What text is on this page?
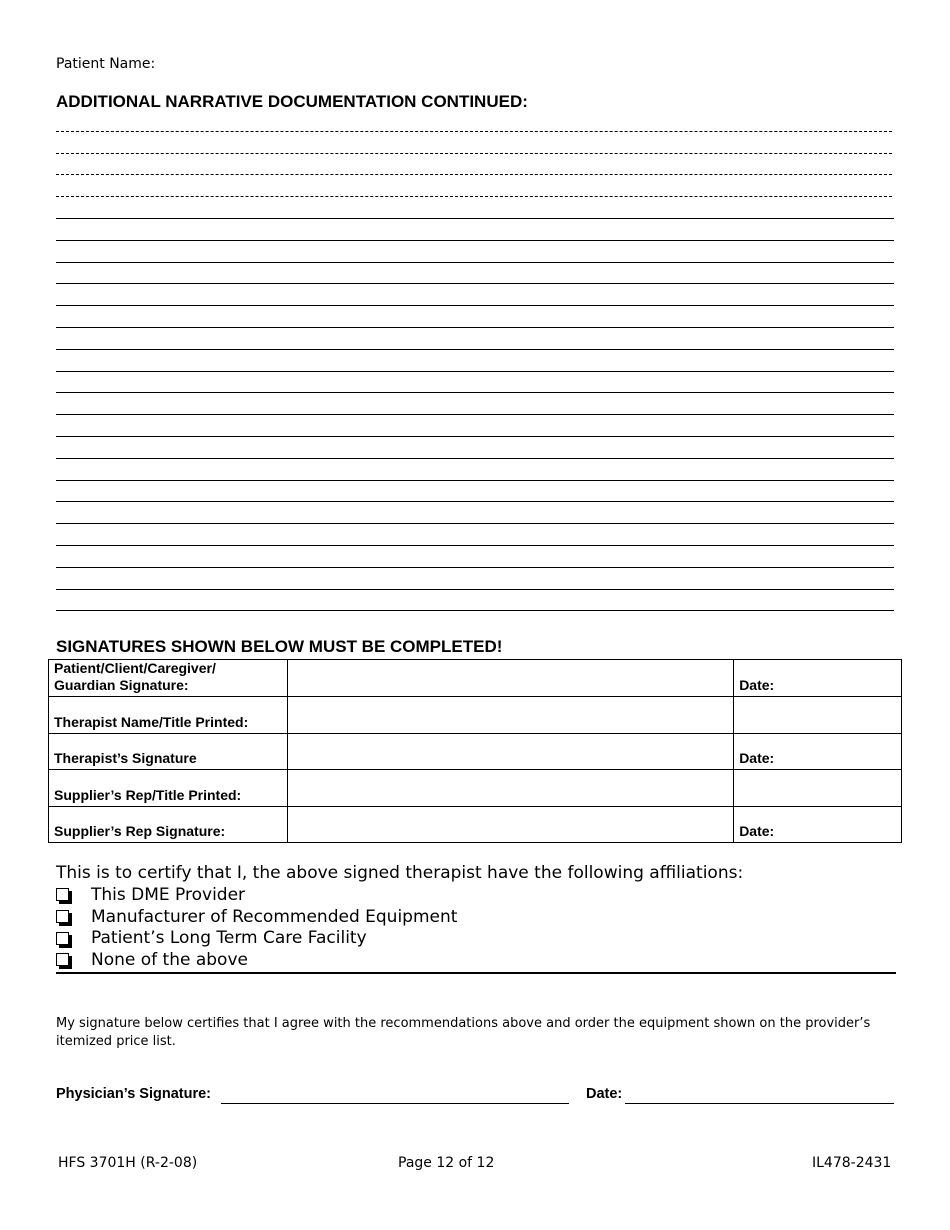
Patient Name:
ADDITIONAL NARRATIVE DOCUMENTATION CONTINUED:
SIGNATURES SHOWN BELOW MUST BE COMPLETED!
Patient/Client/Caregiver/
Guardian Signature:		Date:
Therapist Name/Title Printed:		
Therapist’s Signature		Date:
Supplier’s Rep/Title Printed:		
Supplier’s Rep Signature:		Date:
This is to certify that I, the above signed therapist have the following affiliations:
This DME Provider
Manufacturer of Recommended Equipment
Patient’s Long Term Care Facility
None of the above
My signature below certifies that I agree with the recommendations above and order the equipment shown on the provider’s itemized price list.
Physician’s Signature:	Date:
HFS 3701H (R-2-08)	Page 12 of 12	IL478-2431
